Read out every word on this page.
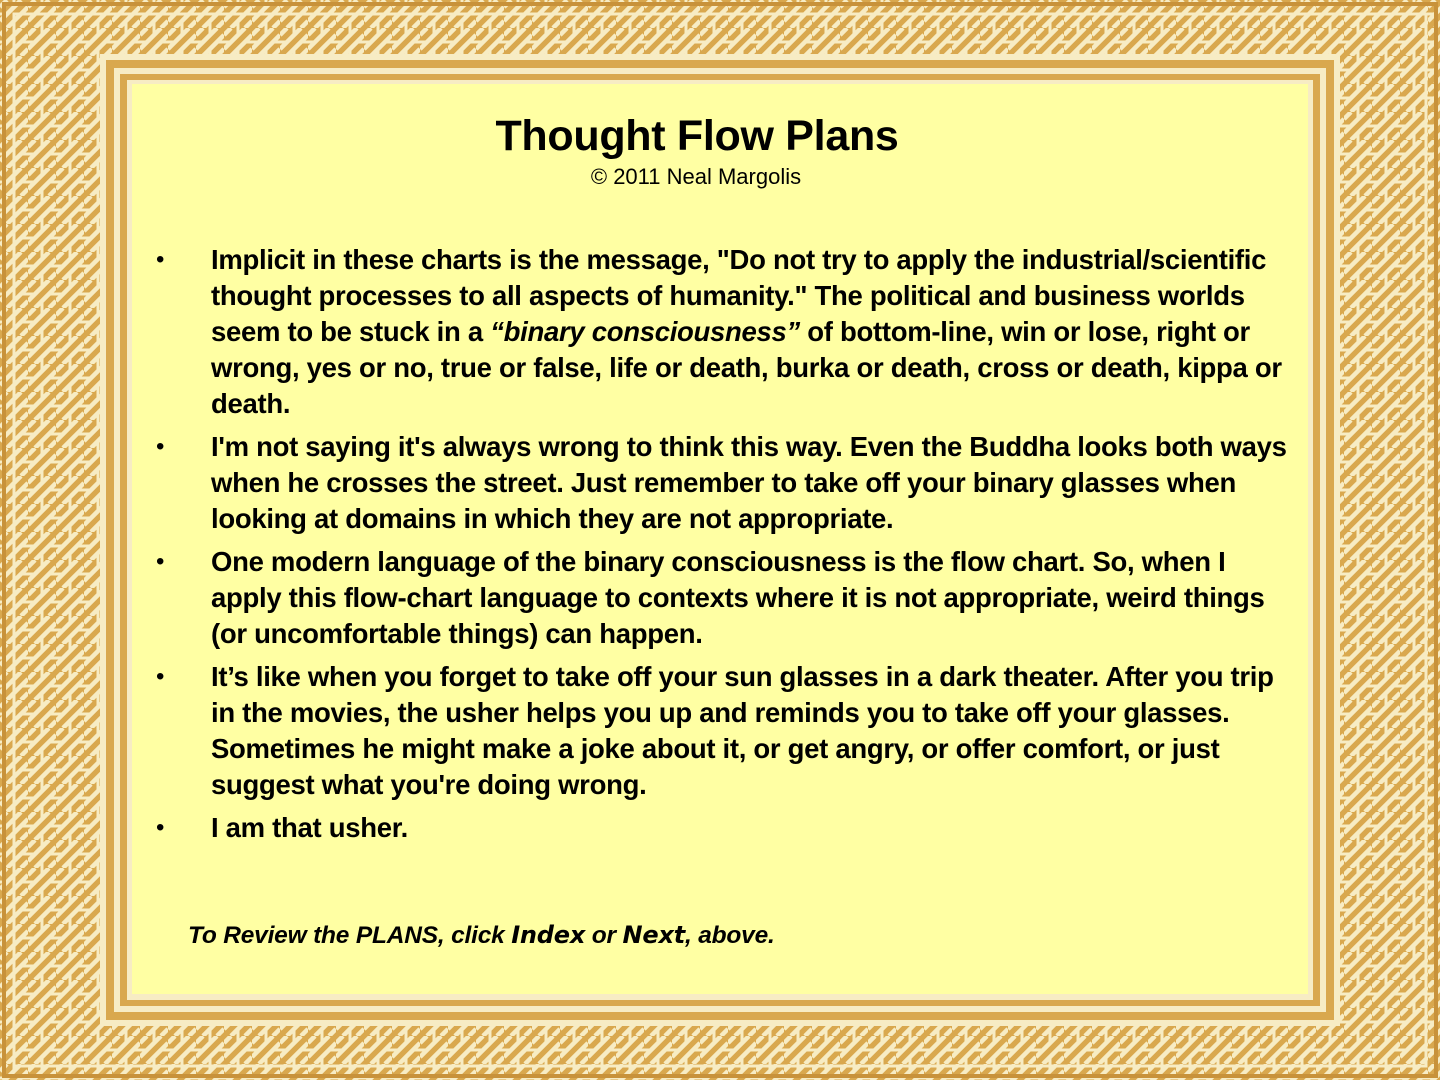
Thought Flow Plans
© 2011 Neal Margolis
• Implicit in these charts is the message, "Do not try to apply the industrial/scientific thought processes to all aspects of humanity." The political and business worlds seem to be stuck in a “binary consciousness” of bottom-line, win or lose, right or wrong, yes or no, true or false, life or death, burka or death, cross or death, kippa or death.
• I'm not saying it's always wrong to think this way. Even the Buddha looks both ways when he crosses the street. Just remember to take off your binary glasses when looking at domains in which they are not appropriate.
• One modern language of the binary consciousness is the flow chart. So, when I apply this flow-chart language to contexts where it is not appropriate, weird things (or uncomfortable things) can happen.
• It’s like when you forget to take off your sun glasses in a dark theater. After you trip in the movies, the usher helps you up and reminds you to take off your glasses. Sometimes he might make a joke about it, or get angry, or offer comfort, or just suggest what you're doing wrong.
• I am that usher.
To Review the PLANS, click Index or Next, above.
